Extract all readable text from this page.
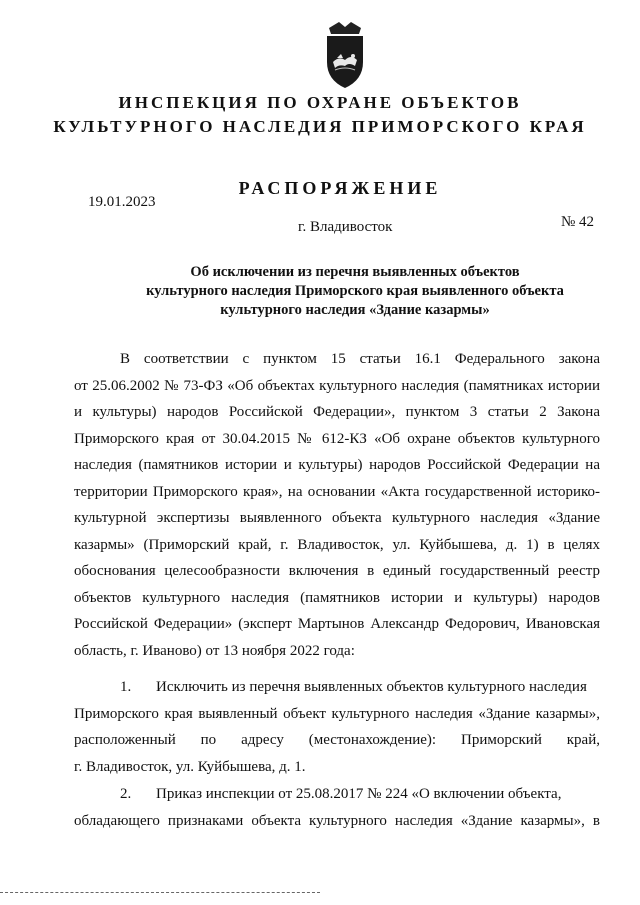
ИНСПЕКЦИЯ ПО ОХРАНЕ ОБЪЕКТОВ
КУЛЬТУРНОГО НАСЛЕДИЯ ПРИМОРСКОГО КРАЯ
РАСПОРЯЖЕНИЕ
19.01.2023
№ 42
г. Владивосток
Об исключении из перечня выявленных объектов
культурного наследия Приморского края выявленного объекта
культурного наследия «Здание казармы»
В соответствии с пунктом 15 статьи 16.1 Федерального закона
от 25.06.2002 № 73-ФЗ «Об объектах культурного наследия (памятниках истории
и культуры) народов Российской Федерации», пунктом 3 статьи 2 Закона
Приморского края от 30.04.2015 № 612-КЗ «Об охране объектов культурного
наследия (памятников истории и культуры) народов Российской Федерации на
территории Приморского края», на основании «Акта государственной историко-
культурной экспертизы выявленного объекта культурного наследия «Здание
казармы» (Приморский край, г. Владивосток, ул. Куйбышева, д. 1) в целях
обоснования целесообразности включения в единый государственный реестр
объектов культурного наследия (памятников истории и культуры) народов
Российской Федерации» (эксперт Мартынов Александр Федорович, Ивановская
область, г. Иваново) от 13 ноября 2022 года:
1. Исключить из перечня выявленных объектов культурного наследия
Приморского края выявленный объект культурного наследия «Здание казармы»,
расположенный по адресу (местонахождение): Приморский край,
г. Владивосток, ул. Куйбышева, д. 1.
2. Приказ инспекции от 25.08.2017 № 224 «О включении объекта,
обладающего признаками объекта культурного наследия «Здание казармы», в
